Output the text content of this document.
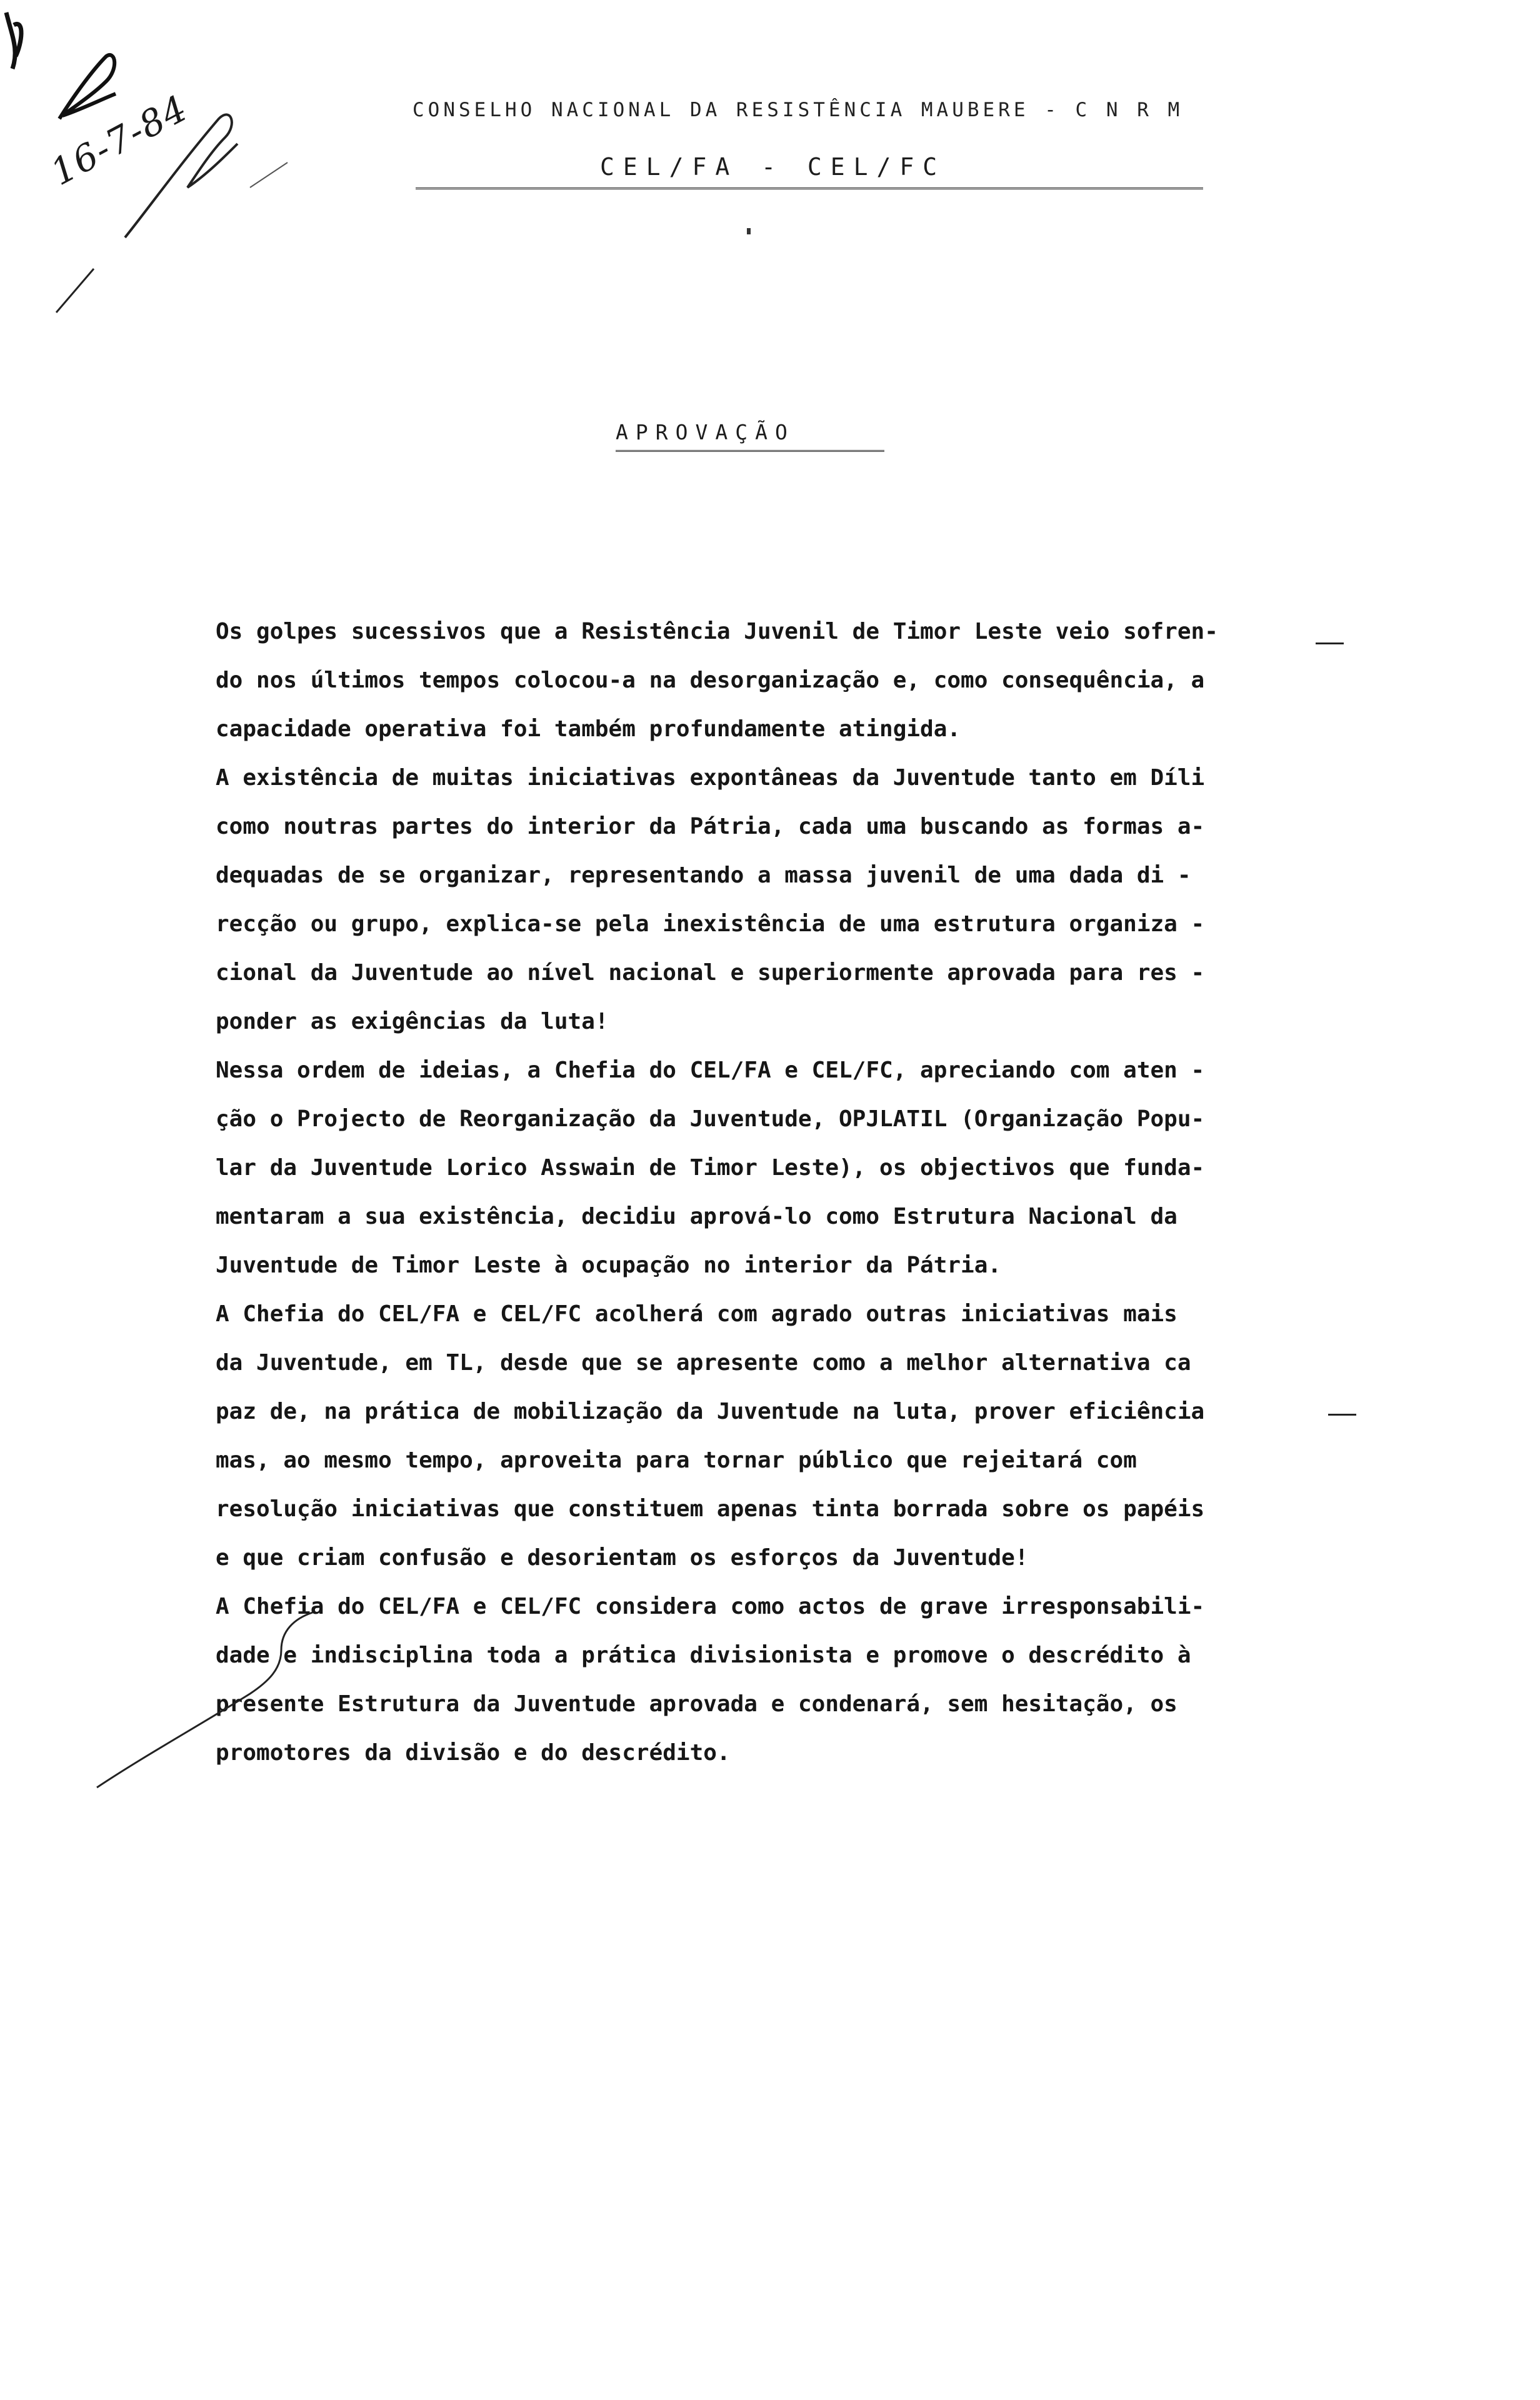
16-7-84	CONSELHO NACIONAL DA RESISTÊNCIA MAUBERE - C N R M
CEL/FA - CEL/FC
APROVAÇÃO
Os golpes sucessivos que a Resistência Juvenil de Timor Leste veio sofren-
do nos últimos tempos colocou-a na desorganização e, como consequência, a
capacidade operativa foi também profundamente atingida.
A existência de muitas iniciativas expontâneas da Juventude tanto em Díli
como noutras partes do interior da Pátria, cada uma buscando as formas a-
dequadas de se organizar, representando a massa juvenil de uma dada di -
recção ou grupo, explica-se pela inexistência de uma estrutura organiza -
cional da Juventude ao nível nacional e superiormente aprovada para res -
ponder as exigências da luta!
Nessa ordem de ideias, a Chefia do CEL/FA e CEL/FC, apreciando com aten -
ção o Projecto de Reorganização da Juventude, OPJLATIL (Organização Popu-
lar da Juventude Lorico Asswain de Timor Leste), os objectivos que funda-
mentaram a sua existência, decidiu aprová-lo como Estrutura Nacional da
Juventude de Timor Leste à ocupação no interior da Pátria.
A Chefia do CEL/FA e CEL/FC acolherá com agrado outras iniciativas mais
da Juventude, em TL, desde que se apresente como a melhor alternativa ca
paz de, na prática de mobilização da Juventude na luta, prover eficiência
mas, ao mesmo tempo, aproveita para tornar público que rejeitará com
resolução iniciativas que constituem apenas tinta borrada sobre os papéis
e que criam confusão e desorientam os esforços da Juventude!
A Chefia do CEL/FA e CEL/FC considera como actos de grave irresponsabili-
dade e indisciplina toda a prática divisionista e promove o descrédito à
presente Estrutura da Juventude aprovada e condenará, sem hesitação, os
promotores da divisão e do descrédito.
